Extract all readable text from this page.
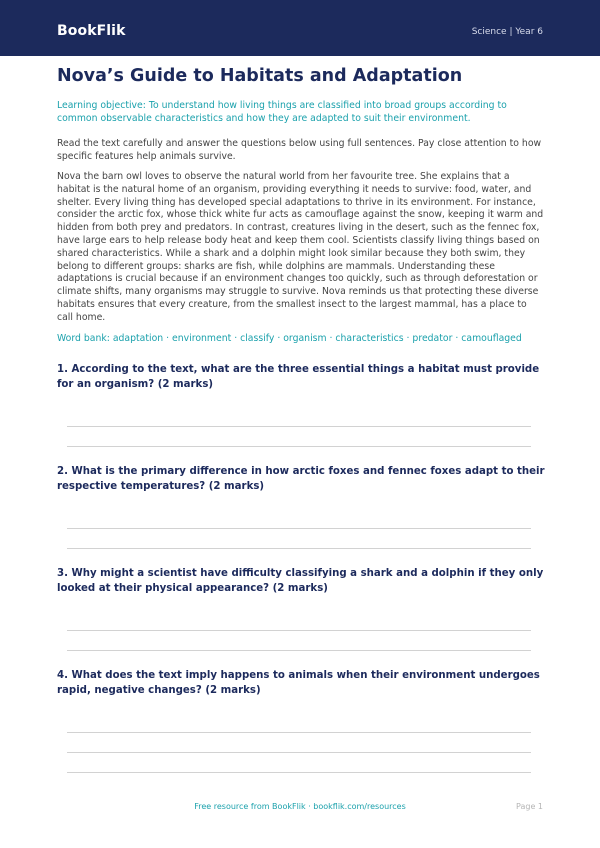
BookFlik	Science | Year 6
Nova’s Guide to Habitats and Adaptation

Learning objective: To understand how living things are classified into broad groups according to common observable characteristics and how they are adapted to suit their environment.

Read the text carefully and answer the questions below using full sentences. Pay close attention to how specific features help animals survive.

Nova the barn owl loves to observe the natural world from her favourite tree. She explains that a habitat is the natural home of an organism, providing everything it needs to survive: food, water, and shelter. Every living thing has developed special adaptations to thrive in its environment. For instance, consider the arctic fox, whose thick white fur acts as camouflage against the snow, keeping it warm and hidden from both prey and predators. In contrast, creatures living in the desert, such as the fennec fox, have large ears to help release body heat and keep them cool. Scientists classify living things based on shared characteristics. While a shark and a dolphin might look similar because they both swim, they belong to different groups: sharks are fish, while dolphins are mammals. Understanding these adaptations is crucial because if an environment changes too quickly, such as through deforestation or climate shifts, many organisms may struggle to survive. Nova reminds us that protecting these diverse habitats ensures that every creature, from the smallest insect to the largest mammal, has a place to call home.

Word bank: adaptation · environment · classify · organism · characteristics · predator · camouflaged

1. According to the text, what are the three essential things a habitat must provide for an organism? (2 marks)

2. What is the primary difference in how arctic foxes and fennec foxes adapt to their respective temperatures? (2 marks)

3. Why might a scientist have difficulty classifying a shark and a dolphin if they only looked at their physical appearance? (2 marks)

4. What does the text imply happens to animals when their environment undergoes rapid, negative changes? (2 marks)

Free resource from BookFlik · bookflik.com/resources	Page 1
